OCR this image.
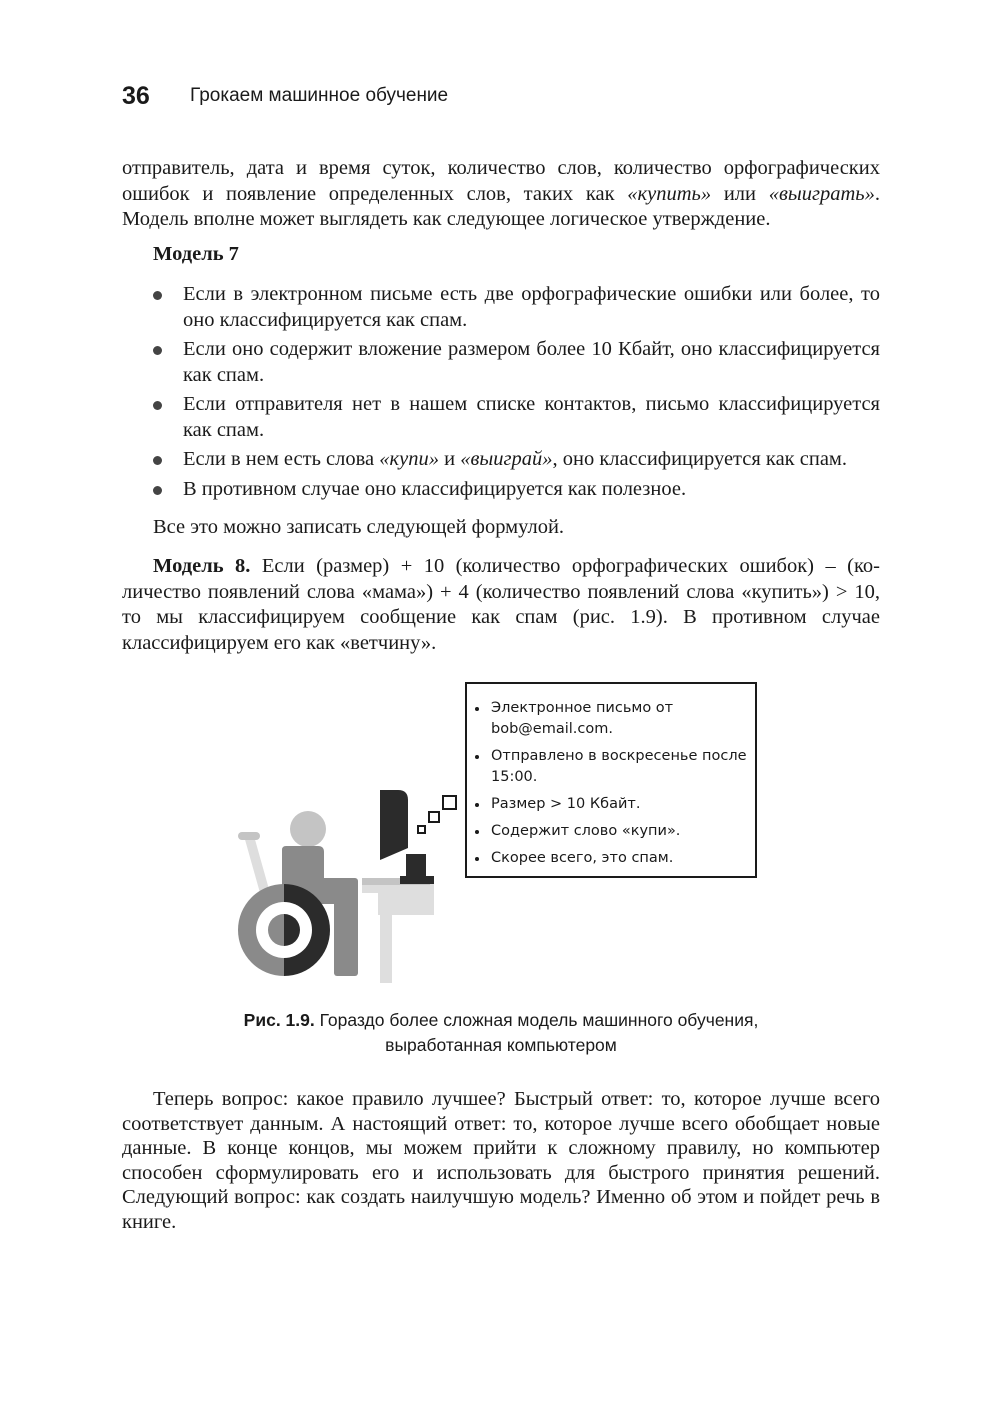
36	Грокаем машинное обучение

отправитель, дата и время суток, количество слов, количество орфографических ошибок и появление определенных слов, таких как «купить» или «выиграть». Модель вполне может выглядеть как следующее логическое утверждение.

Модель 7
Если в электронном письме есть две орфографические ошибки или более, то оно классифицируется как спам.
Если оно содержит вложение размером более 10 Кбайт, оно классифицируется как спам.
Если отправителя нет в нашем списке контактов, письмо классифицируется как спам.
Если в нем есть слова «купи» и «выиграй», оно классифицируется как спам.
В противном случае оно классифицируется как полезное.

Все это можно записать следующей формулой.

Модель 8. Если (размер) + 10 (количество орфографических ошибок) – (количество появлений слова «мама») + 4 (количество появлений слова «купить») > 10, то мы классифицируем сообщение как спам (рис. 1.9). В противном случае классифицируем его как «ветчину».

Электронное письмо от bob@email.com.
Отправлено в воскресенье после 15:00.
Размер > 10 Кбайт.
Содержит слово «купи».
Скорее всего, это спам.

Рис. 1.9. Гораздо более сложная модель машинного обучения,
выработанная компьютером

Теперь вопрос: какое правило лучшее? Быстрый ответ: то, которое лучше всего соответствует данным. А настоящий ответ: то, которое лучше всего обобщает новые данные. В конце концов, мы можем прийти к сложному правилу, но компьютер способен сформулировать его и использовать для быстрого принятия решений. Следующий вопрос: как создать наилучшую модель? Именно об этом и пойдет речь в книге.
